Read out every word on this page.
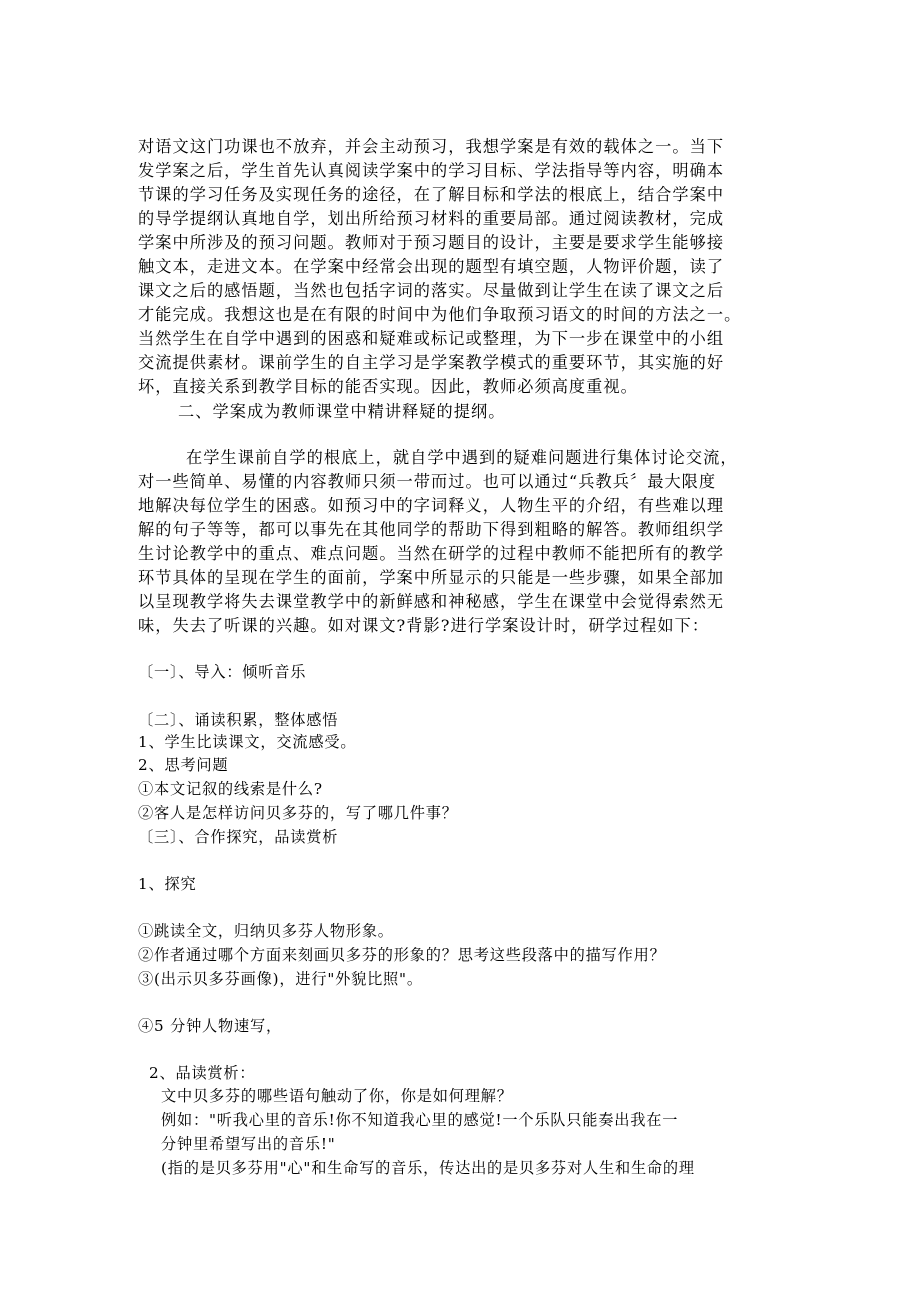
对语文这门功课也不放弃，并会主动预习，我想学案是有效的载体之一。当下
发学案之后，学生首先认真阅读学案中的学习目标、学法指导等内容，明确本
节课的学习任务及实现任务的途径，在了解目标和学法的根底上，结合学案中
的导学提纲认真地自学，划出所给预习材料的重要局部。通过阅读教材，完成
学案中所涉及的预习问题。教师对于预习题目的设计，主要是要求学生能够接
触文本，走进文本。在学案中经常会出现的题型有填空题，人物评价题，读了
课文之后的感悟题，当然也包括字词的落实。尽量做到让学生在读了课文之后
才能完成。我想这也是在有限的时间中为他们争取预习语文的时间的方法之一。
当然学生在自学中遇到的困惑和疑难或标记或整理，为下一步在课堂中的小组
交流提供素材。课前学生的自主学习是学案教学模式的重要环节，其实施的好
坏，直接关系到教学目标的能否实现。因此，教师必须高度重视。
二、学案成为教师课堂中精讲释疑的提纲。
在学生课前自学的根底上，就自学中遇到的疑难问题进行集体讨论交流，
对一些简单、易懂的内容教师只须一带而过。也可以通过“兵教兵〞最大限度
地解决每位学生的困惑。如预习中的字词释义，人物生平的介绍，有些难以理
解的句子等等，都可以事先在其他同学的帮助下得到粗略的解答。教师组织学
生讨论教学中的重点、难点问题。当然在研学的过程中教师不能把所有的教学
环节具体的呈现在学生的面前，学案中所显示的只能是一些步骤，如果全部加
以呈现教学将失去课堂教学中的新鲜感和神秘感，学生在课堂中会觉得索然无
味，失去了听课的兴趣。如对课文?背影?进行学案设计时，研学过程如下：
〔一〕、导入：倾听音乐
〔二〕、诵读积累，整体感悟
1、学生比读课文，交流感受。
2、思考问题
①本文记叙的线索是什么?
②客人是怎样访问贝多芬的，写了哪几件事？
〔三〕、合作探究，品读赏析
1、探究
①跳读全文，归纳贝多芬人物形象。
②作者通过哪个方面来刻画贝多芬的形象的？思考这些段落中的描写作用？
③(出示贝多芬画像)，进行"外貌比照"。
④5 分钟人物速写，
2、品读赏析：
文中贝多芬的哪些语句触动了你，你是如何理解？
例如："听我心里的音乐!你不知道我心里的感觉!一个乐队只能奏出我在一
分钟里希望写出的音乐!"
(指的是贝多芬用"心"和生命写的音乐，传达出的是贝多芬对人生和生命的理
